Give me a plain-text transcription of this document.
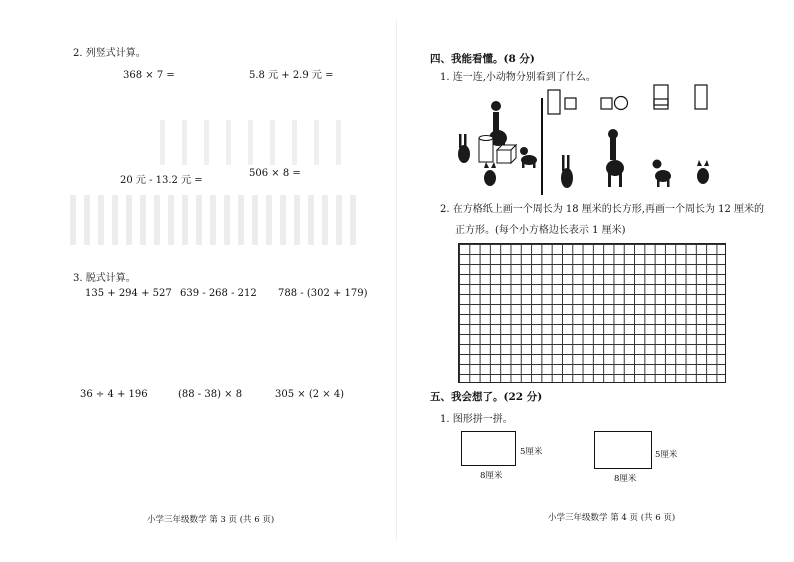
2. 列竖式计算。
368 × 7 =	5.8 元 + 2.9 元 =
20 元 - 13.2 元 =
506 × 8 =
3. 脱式计算。
135 + 294 + 527 639 - 268 - 212 788 - (302 + 179)
36 ÷ 4 + 196	(88 - 38) × 8	305 × (2 × 4)
小学三年级数学 第 3 页 (共 6 页)
四、我能看懂。(8 分)
1. 连一连,小动物分别看到了什么。
2. 在方格纸上画一个周长为 18 厘米的长方形,再画一个周长为 12 厘米的
正方形。(每个小方格边长表示 1 厘米)
五、我会想了。(22 分)
1. 图形拼一拼。
5厘米
8厘米
5厘米
8厘米
小学三年级数学 第 4 页 (共 6 页)
